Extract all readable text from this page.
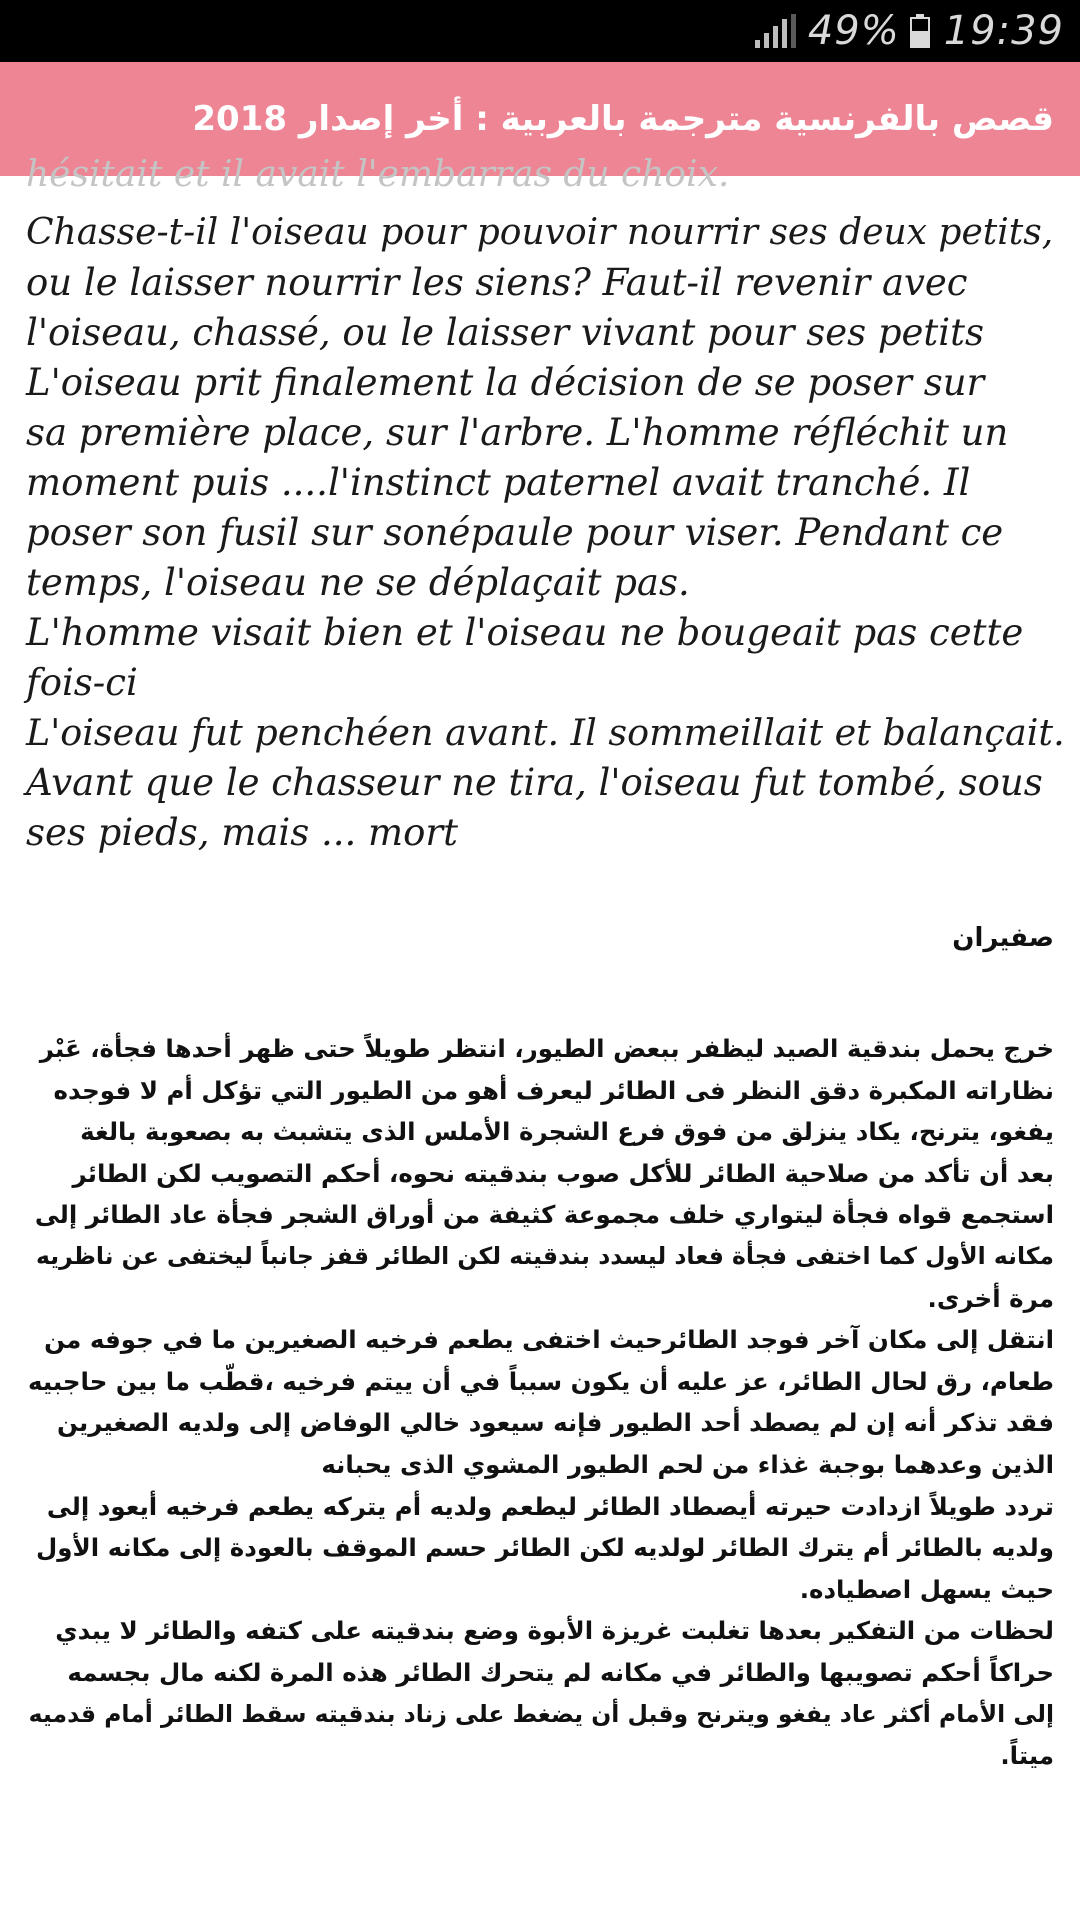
49% 19:39
قصص بالفرنسية مترجمة بالعربية : أخر إصدار 2018
hésitait et il avait l'embarras du choix.
Chasse-t-il l'oiseau pour pouvoir nourrir ses deux petits,
ou le laisser nourrir les siens? Faut-il revenir avec
l'oiseau, chassé, ou le laisser vivant pour ses petits
L'oiseau prit finalement la décision de se poser sur
sa première place, sur l'arbre. L'homme réfléchit un
moment puis ....l'instinct paternel avait tranché. Il
poser son fusil sur sonépaule pour viser. Pendant ce
temps, l'oiseau ne se déplaçait pas.
L'homme visait bien et l'oiseau ne bougeait pas cette
fois-ci
L'oiseau fut penchéen avant. Il sommeillait et balançait.
Avant que le chasseur ne tira, l'oiseau fut tombé, sous
ses pieds, mais ... mort
صفيران
خرج يحمل بندقية الصيد ليظفر ببعض الطيور، انتظر طويلاً حتى ظهر أحدها فجأة، عَبْر
نظاراته المكبرة دقق النظر فى الطائر ليعرف أهو من الطيور التي تؤكل أم لا فوجده
يفغو، يترنح، يكاد ينزلق من فوق فرع الشجرة الأملس الذى يتشبث به بصعوبة بالغة
بعد أن تأكد من صلاحية الطائر للأكل صوب بندقيته نحوه، أحكم التصويب لكن الطائر
استجمع قواه فجأة ليتواري خلف مجموعة كثيفة من أوراق الشجر فجأة عاد الطائر إلى
مكانه الأول كما اختفى فجأة فعاد ليسدد بندقيته لكن الطائر قفز جانباً ليختفى عن ناظريه
مرة أخرى.
انتقل إلى مكان آخر فوجد الطائرحيث اختفى يطعم فرخيه الصغيرين ما في جوفه من
طعام، رق لحال الطائر، عز عليه أن يكون سبباً في أن ييتم فرخيه ،قطّب ما بين حاجبيه
فقد تذكر أنه إن لم يصطد أحد الطيور فإنه سيعود خالي الوفاض إلى ولديه الصغيرين
الذين وعدهما بوجبة غذاء من لحم الطيور المشوي الذى يحبانه
تردد طويلاً ازدادت حيرته أيصطاد الطائر ليطعم ولديه أم يتركه يطعم فرخيه أيعود إلى
ولديه بالطائر أم يترك الطائر لولديه لكن الطائر حسم الموقف بالعودة إلى مكانه الأول
حيث يسهل اصطياده.
لحظات من التفكير بعدها تغلبت غريزة الأبوة وضع بندقيته على كتفه والطائر لا يبدي
حراكاً أحكم تصويبها والطائر في مكانه لم يتحرك الطائر هذه المرة لكنه مال بجسمه
إلى الأمام أكثر عاد يفغو ويترنح وقبل أن يضغط على زناد بندقيته سقط الطائر أمام قدميه
ميتاً.
